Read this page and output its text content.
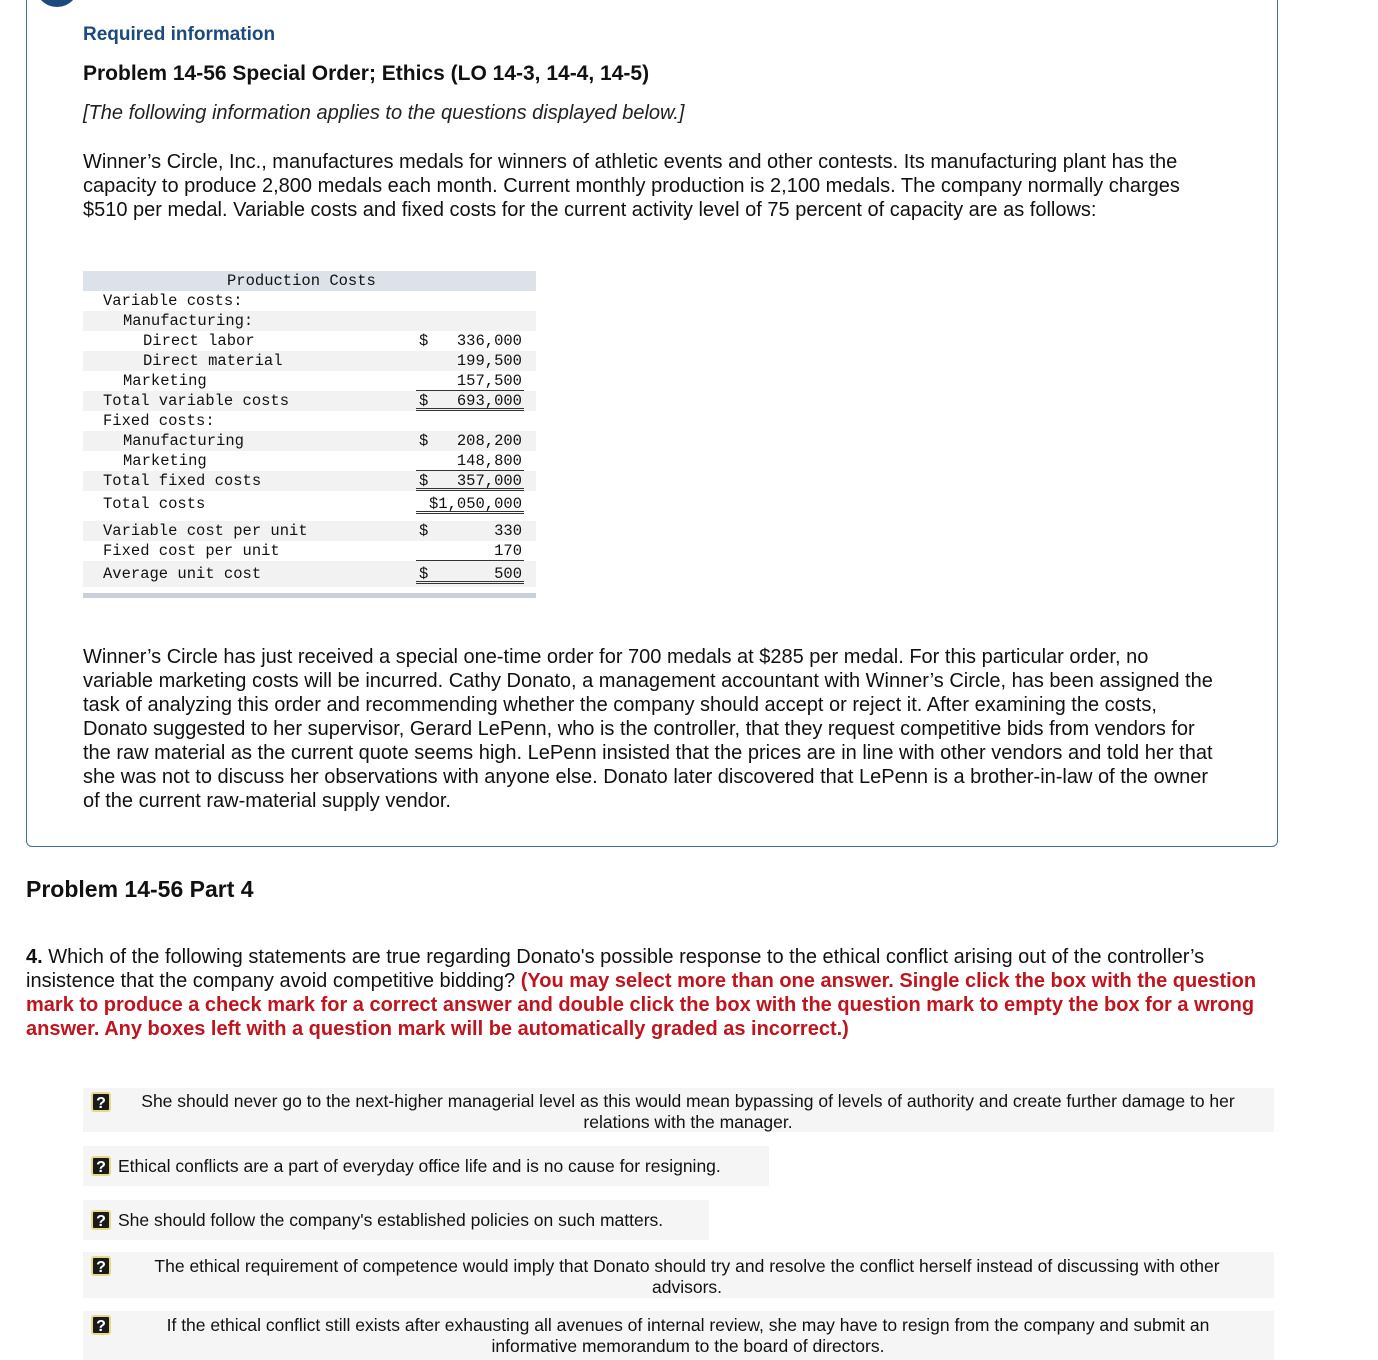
Required information
Problem 14-56 Special Order; Ethics (LO 14-3, 14-4, 14-5)
[The following information applies to the questions displayed below.]
Winner’s Circle, Inc., manufactures medals for winners of athletic events and other contests. Its manufacturing plant has the capacity to produce 2,800 medals each month. Current monthly production is 2,100 medals. The company normally charges $510 per medal. Variable costs and fixed costs for the current activity level of 75 percent of capacity are as follows:
Production Costs
Variable costs:
Manufacturing:
Direct labor	$ 336,000
Direct material	199,500
Marketing	157,500
Total variable costs	$ 693,000
Fixed costs:
Manufacturing	$ 208,200
Marketing	148,800
Total fixed costs	$ 357,000
Total costs	$1,050,000
Variable cost per unit	$	330
Fixed cost per unit	170
Average unit cost	$	500
Winner’s Circle has just received a special one-time order for 700 medals at $285 per medal. For this particular order, no variable marketing costs will be incurred. Cathy Donato, a management accountant with Winner’s Circle, has been assigned the task of analyzing this order and recommending whether the company should accept or reject it. After examining the costs, Donato suggested to her supervisor, Gerard LePenn, who is the controller, that they request competitive bids from vendors for the raw material as the current quote seems high. LePenn insisted that the prices are in line with other vendors and told her that she was not to discuss her observations with anyone else. Donato later discovered that LePenn is a brother-in-law of the owner of the current raw-material supply vendor.
Problem 14-56 Part 4
4. Which of the following statements are true regarding Donato's possible response to the ethical conflict arising out of the controller’s insistence that the company avoid competitive bidding? (You may select more than one answer. Single click the box with the question mark to produce a check mark for a correct answer and double click the box with the question mark to empty the box for a wrong answer. Any boxes left with a question mark will be automatically graded as incorrect.)
?	She should never go to the next-higher managerial level as this would mean bypassing of levels of authority and create further damage to her relations with the manager.
? Ethical conflicts are a part of everyday office life and is no cause for resigning.
? She should follow the company's established policies on such matters.
?	The ethical requirement of competence would imply that Donato should try and resolve the conflict herself instead of discussing with other advisors.
?	If the ethical conflict still exists after exhausting all avenues of internal review, she may have to resign from the company and submit an informative memorandum to the board of directors.
